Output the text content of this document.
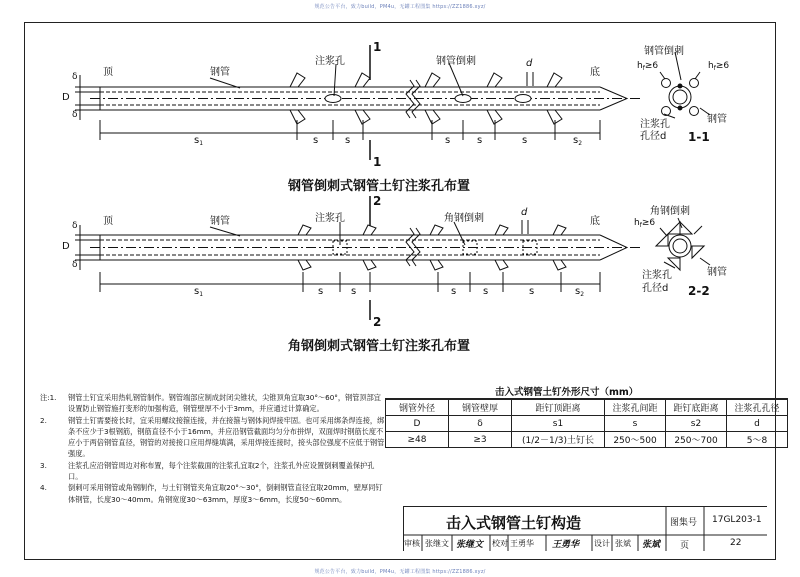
规范公告平台，致力build，PM4u，无罐工程图集 https://ZZ1886.xyz/
规范公告平台，致力build，PM4u，无罐工程图集 https://ZZ1886.xyz/
顶	底
钢管
注浆孔	钢管倒刺	d
D
δ
δ
1
1
$s_1$	s	s	s	s	s	$s_2$
钢管倒刺式钢管土钉注浆孔布置
钢管倒刺
$h_f\ge 6$	$h_f\ge 6$
钢管
注浆孔
孔径d 1-1
顶	底
钢管	注浆孔	角钢倒刺
d
D
δ
δ
2
2
$s_1$	s	s	s	s	s	$s_2$
角钢倒刺式钢管土钉注浆孔布置
角钢倒刺
$h_f\ge 6$
钢管
注浆孔
孔径d 2-2
注:1. 钢管土钉宜采用热轧钢管制作。钢管端部应制成封闭尖锥状，尖锥顶角宜取30°～60°，钢管顶部宜设置防止钢管施打变形的加强构造，钢管壁厚不小于3mm，并应通过计算确定。
2.	钢管土钉需要接长时，宜采用螺纹接箍连接，并在接箍与钢体间焊接牢固。也可采用绑条焊连接，绑条不应少于3根钢筋，钢筋直径不小于16mm，并应沿钢管截面均匀分布拼焊，双面焊时钢筋长度不应小于两倍钢管直径，钢管的对接接口应用焊缝填满，采用焊接连接时，接头部位强度不应低于钢管强度。
3.	注浆孔应沿钢管周边对称布置，每个注浆截面的注浆孔宜取2个，注浆孔外应设置倒刺覆盖保护孔口。
4.	倒刺可采用钢管或角钢制作，与土钉钢管夹角宜取20°～30°，倒刺钢管直径宜取20mm，壁厚同钉体钢管，长度30～40mm。角钢宽度30～63mm，厚度3～6mm，长度50～60mm。
击入式钢管土钉外形尺寸（mm）
钢管外径	钢管壁厚	距钉顶距离	注浆孔间距	距钉底距离	注浆孔孔径
D	δ	s1	s	s2	d
≥48	≥3	(1/2－1/3)土钉长	250～500	250～700	5～8
击入式钢管土钉构造	图集号 17GL203-1
审核 张继文 张继文 校对 王勇华 王勇华 设计 张斌 张斌 页	22
